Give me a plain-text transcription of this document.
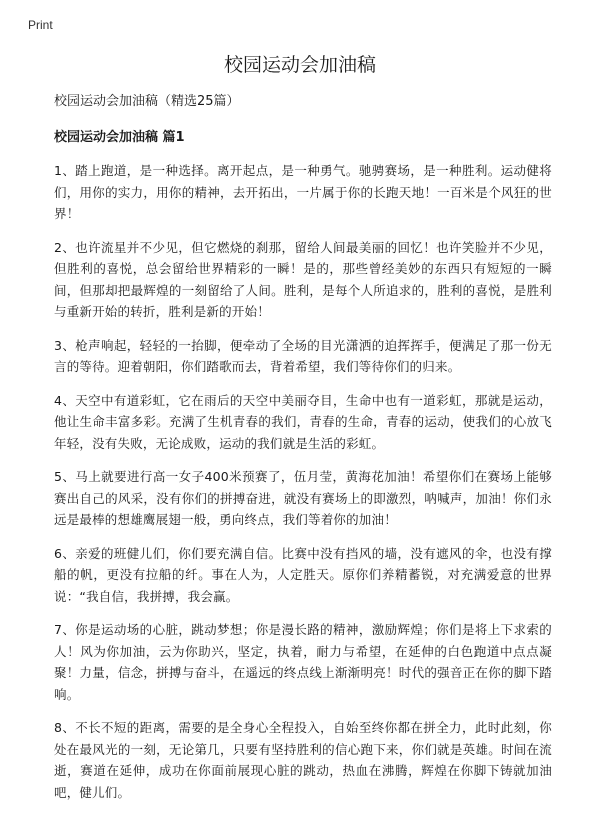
Print
校园运动会加油稿

校园运动会加油稿（精选25篇）

校园运动会加油稿 篇1

1、踏上跑道，是一种选择。离开起点，是一种勇气。驰骋赛场，是一种胜利。运动健将们，用你的实力，用你的精神，去开拓出，一片属于你的长跑天地！一百米是个风狂的世界！

2、也许流星并不少见，但它燃烧的刹那，留给人间最美丽的回忆！也许笑脸并不少见，但胜利的喜悦，总会留给世界精彩的一瞬！是的，那些曾经美妙的东西只有短短的一瞬间，但那却把最辉煌的一刻留给了人间。胜利，是每个人所追求的，胜利的喜悦，是胜利与重新开始的转折，胜利是新的开始！

3、枪声响起，轻轻的一抬脚，便牵动了全场的目光潇洒的迫挥挥手，便满足了那一份无言的等待。迎着朝阳，你们踏歌而去，背着希望，我们等待你们的归来。

4、天空中有道彩虹，它在雨后的天空中美丽夺目，生命中也有一道彩虹，那就是运动，他让生命丰富多彩。充满了生机青春的我们，青春的生命，青春的运动，使我们的心放飞年轻，没有失败，无论成败，运动的我们就是生活的彩虹。

5、马上就要进行高一女子400米预赛了，伍月莹，黄海花加油！希望你们在赛场上能够赛出自己的风采，没有你们的拼搏奋进，就没有赛场上的即激烈，呐喊声，加油！你们永远是最棒的想雄鹰展翅一般，勇向终点，我们等着你的加油！

6、亲爱的班健儿们，你们要充满自信。比赛中没有挡风的墙，没有遮风的伞，也没有撑船的帆，更没有拉船的纤。事在人为，人定胜天。原你们养精蓄锐，对充满爱意的世界说：“我自信，我拼搏，我会赢。

7、你是运动场的心脏，跳动梦想；你是漫长路的精神，激励辉煌；你们是将上下求索的人！风为你加油，云为你助兴，坚定，执着，耐力与希望，在延伸的白色跑道中点点凝聚！力量，信念，拼搏与奋斗，在遥远的终点线上渐渐明亮！时代的强音正在你的脚下踏响。

8、不长不短的距离，需要的是全身心全程投入，自始至终你都在拼全力，此时此刻，你处在最风光的一刻，无论第几，只要有坚持胜利的信心跑下来，你们就是英雄。时间在流逝，赛道在延伸，成功在你面前展现心脏的跳动，热血在沸腾，辉煌在你脚下铸就加油吧，健儿们。
